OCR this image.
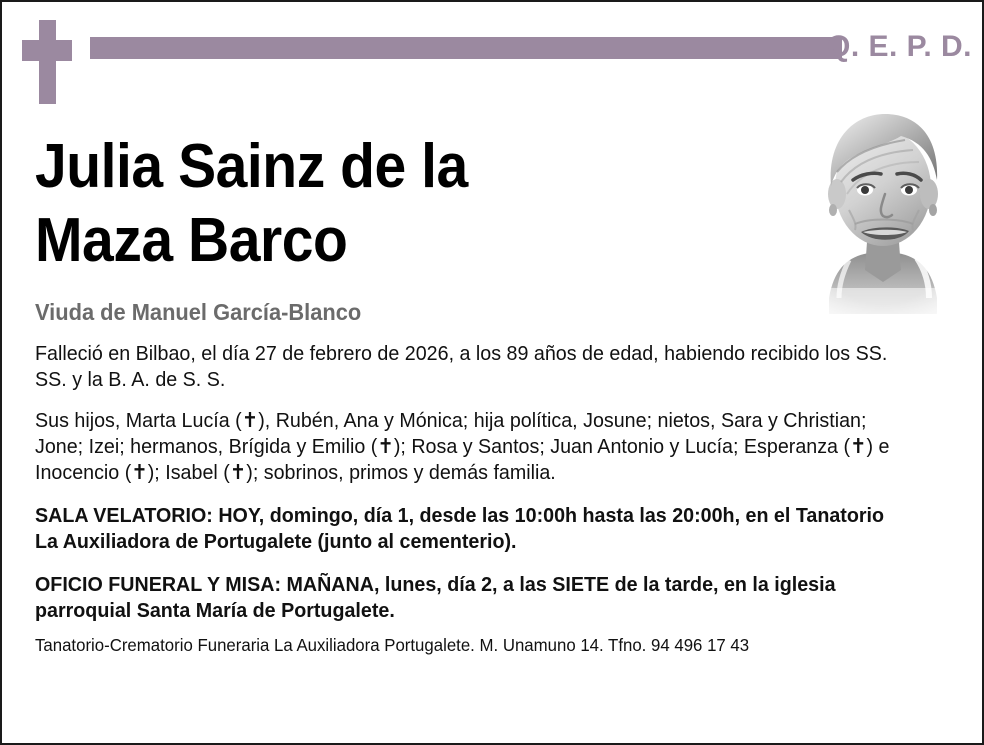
Q. E. P. D.
Julia Sainz de la
Maza Barco

Viuda de Manuel García-Blanco

Falleció en Bilbao, el día 27 de febrero de 2026, a los 89 años de edad, habiendo recibido los SS. SS. y la B. A. de S. S.

Sus hijos, Marta Lucía (✝), Rubén, Ana y Mónica; hija política, Josune; nietos, Sara y Christian; Jone; Izei; hermanos, Brígida y Emilio (✝); Rosa y Santos; Juan Antonio y Lucía; Esperanza (✝) e Inocencio (✝); Isabel (✝); sobrinos, primos y demás familia.

SALA VELATORIO: HOY, domingo, día 1, desde las 10:00h hasta las 20:00h, en el Tanatorio La Auxiliadora de Portugalete (junto al cementerio).

OFICIO FUNERAL Y MISA: MAÑANA, lunes, día 2, a las SIETE de la tarde, en la iglesia parroquial Santa María de Portugalete.

Tanatorio-Crematorio Funeraria La Auxiliadora Portugalete. M. Unamuno 14. Tfno. 94 496 17 43
